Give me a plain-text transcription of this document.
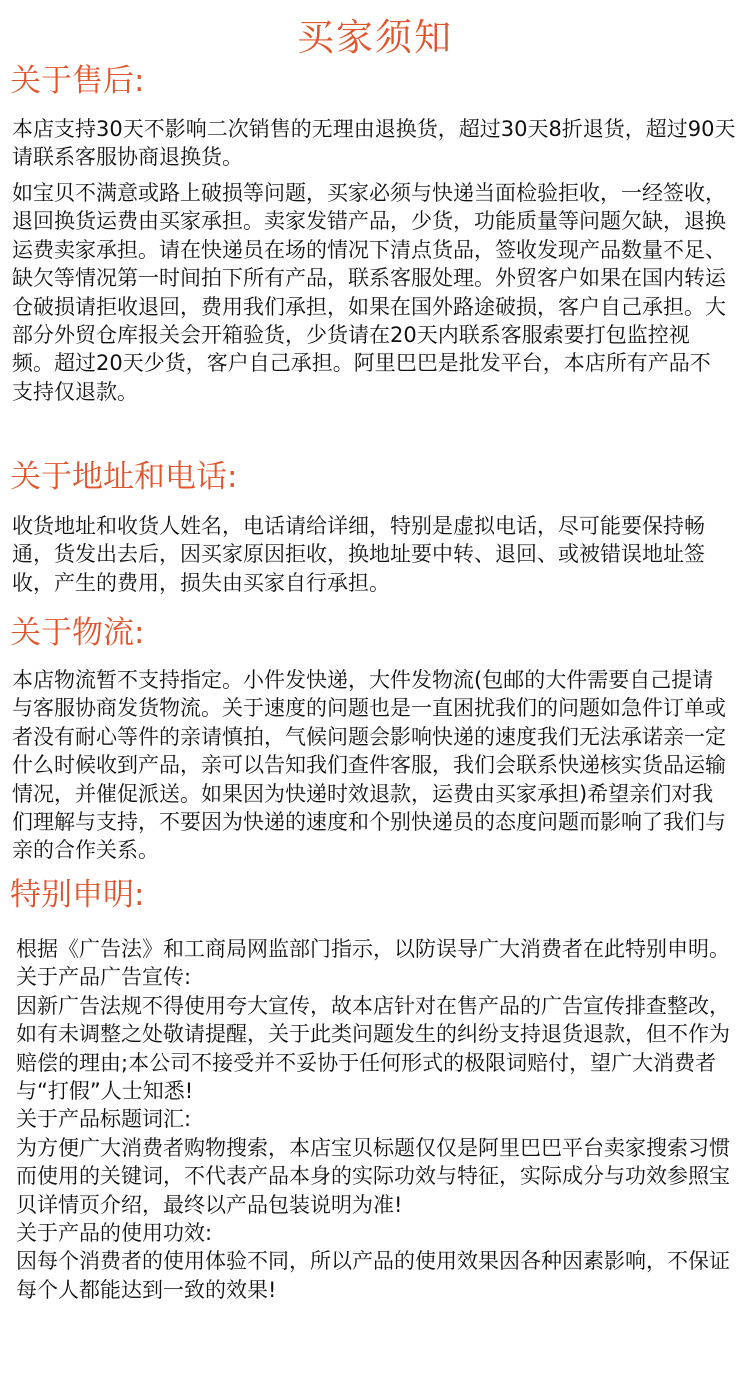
买家须知
关于售后:
本店支持30天不影响二次销售的无理由退换货，超过30天8折退货，超过90天请联系客服协商退换货。
如宝贝不满意或路上破损等问题，买家必须与快递当面检验拒收，一经签收，退回换货运费由买家承担。卖家发错产品，少货，功能质量等问题欠缺，退换运费卖家承担。请在快递员在场的情况下清点货品，签收发现产品数量不足、缺欠等情况第一时间拍下所有产品，联系客服处理。外贸客户如果在国内转运仓破损请拒收退回，费用我们承担，如果在国外路途破损，客户自己承担。大部分外贸仓库报关会开箱验货，少货请在20天内联系客服索要打包监控视频。超过20天少货，客户自己承担。阿里巴巴是批发平台，本店所有产品不支持仅退款。
关于地址和电话:
收货地址和收货人姓名，电话请给详细，特别是虚拟电话，尽可能要保持畅通，货发出去后，因买家原因拒收，换地址要中转、退回、或被错误地址签收，产生的费用，损失由买家自行承担。
关于物流:
本店物流暂不支持指定。小件发快递，大件发物流(包邮的大件需要自己提请与客服协商发货物流。关于速度的问题也是一直困扰我们的问题如急件订单或者没有耐心等件的亲请慎拍，气候问题会影响快递的速度我们无法承诺亲一定什么时候收到产品，亲可以告知我们查件客服，我们会联系快递核实货品运输情况，并催促派送。如果因为快递时效退款，运费由买家承担)希望亲们对我们理解与支持，不要因为快递的速度和个别快递员的态度问题而影响了我们与亲的合作关系。
特别申明:
根据《广告法》和工商局网监部门指示，以防误导广大消费者在此特别申明。
关于产品广告宣传:
因新广告法规不得使用夸大宣传，故本店针对在售产品的广告宣传排查整改，如有未调整之处敬请提醒，关于此类问题发生的纠纷支持退货退款，但不作为赔偿的理由;本公司不接受并不妥协于任何形式的极限词赔付，望广大消费者与“打假”人士知悉!
关于产品标题词汇:
为方便广大消费者购物搜索，本店宝贝标题仅仅是阿里巴巴平台卖家搜索习惯而使用的关键词，不代表产品本身的实际功效与特征，实际成分与功效参照宝贝详情页介绍，最终以产品包装说明为准!
关于产品的使用功效:
因每个消费者的使用体验不同，所以产品的使用效果因各种因素影响，不保证每个人都能达到一致的效果!
